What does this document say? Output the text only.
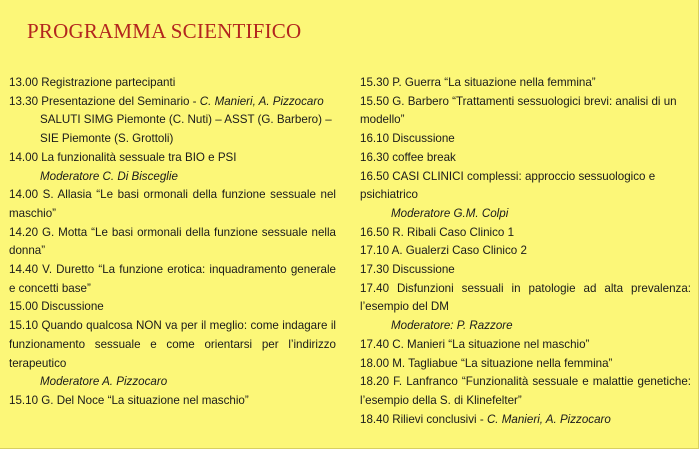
PROGRAMMA SCIENTIFICO

13.00 Registrazione partecipanti

13.30 Presentazione del Seminario - C. Manieri, A. Pizzocaro

SALUTI SIMG Piemonte (C. Nuti) – ASST (G. Barbero) – SIE Piemonte (S. Grottoli)

14.00 La funzionalità sessuale tra BIO e PSI

Moderatore C. Di Bisceglie

14.00 S. Allasia “Le basi ormonali della funzione sessuale nel maschio”

14.20 G. Motta “Le basi ormonali della funzione sessuale nella donna”

14.40 V. Duretto “La funzione erotica: inquadramento generale e concetti base”

15.00 Discussione

15.10 Quando qualcosa NON va per il meglio: come indagare il funzionamento sessuale e come orientarsi per l’indirizzo terapeutico

Moderatore A. Pizzocaro

15.10 G. Del Noce “La situazione nel maschio”

15.30 P. Guerra “La situazione nella femmina”

15.50 G. Barbero “Trattamenti sessuologici brevi: analisi di un modello”

16.10 Discussione

16.30 coffee break

16.50 CASI CLINICI complessi: approccio sessuologico e psichiatrico

Moderatore G.M. Colpi

16.50 R. Ribali Caso Clinico 1

17.10 A. Gualerzi Caso Clinico 2

17.30 Discussione

17.40 Disfunzioni sessuali in patologie ad alta prevalenza: l’esempio del DM

Moderatore: P. Razzore

17.40 C. Manieri “La situazione nel maschio”

18.00 M. Tagliabue “La situazione nella femmina”

18.20 F. Lanfranco “Funzionalità sessuale e malattie genetiche: l’esempio della S. di Klinefelter”

18.40 Rilievi conclusivi - C. Manieri, A. Pizzocaro
